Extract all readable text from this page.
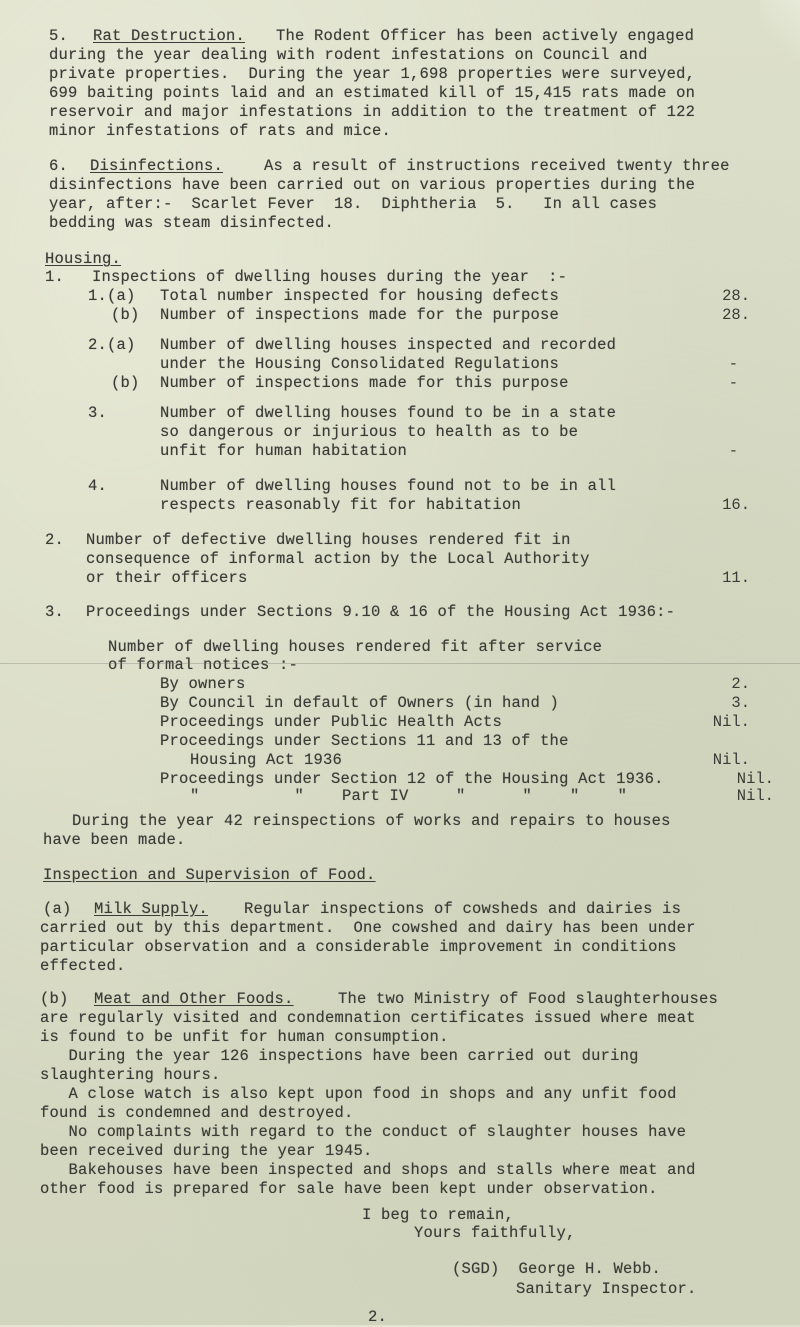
5. Rat Destruction. The Rodent Officer has been actively engaged
during the year dealing with rodent infestations on Council and
private properties.  During the year 1,698 properties were surveyed,
699 baiting points laid and an estimated kill of 15,415 rats made on
reservoir and major infestations in addition to the treatment of 122
minor infestations of rats and mice.
6. Disinfections.	As a result of instructions received twenty three
disinfections have been carried out on various properties during the
year, after:-  Scarlet Fever  18.  Diphtheria  5.   In all cases
bedding was steam disinfected.
Housing.
1. Inspections of dwelling houses during the year  :-
1.(a) Total number inspected for housing defects	28.
(b) Number of inspections made for the purpose	28.
2.(a) Number of dwelling houses inspected and recorded
under the Housing Consolidated Regulations	-
(b) Number of inspections made for this purpose	-
3.	Number of dwelling houses found to be in a state
so dangerous or injurious to health as to be
unfit for human habitation	-
4.	Number of dwelling houses found not to be in all
respects reasonably fit for habitation	16.
2. Number of defective dwelling houses rendered fit in
consequence of informal action by the Local Authority
or their officers	11.
3. Proceedings under Sections 9.10 & 16 of the Housing Act 1936:-
Number of dwelling houses rendered fit after service
of formal notices :-
By owners	2.
By Council in default of Owners (in hand )	3.
Proceedings under Public Health Acts	Nil.
Proceedings under Sections 11 and 13 of the
Housing Act 1936	Nil.
Proceedings under Section 12 of the Housing Act 1936.	Nil.
"          "    Part IV     "      "    "    "	Nil.
During the year 42 reinspections of works and repairs to houses
have been made.
Inspection and Supervision of Food.
(a) Milk Supply. Regular inspections of cowsheds and dairies is
carried out by this department.  One cowshed and dairy has been under
particular observation and a considerable improvement in conditions
effected.
(b) Meat and Other Foods.	The two Ministry of Food slaughterhouses
are regularly visited and condemnation certificates issued where meat
is found to be unfit for human consumption.
During the year 126 inspections have been carried out during
slaughtering hours.
A close watch is also kept upon food in shops and any unfit food
found is condemned and destroyed.
No complaints with regard to the conduct of slaughter houses have
been received during the year 1945.
Bakehouses have been inspected and shops and stalls where meat and
other food is prepared for sale have been kept under observation.
I beg to remain,
Yours faithfully,
(SGD)  George H. Webb.
Sanitary Inspector.
2.
